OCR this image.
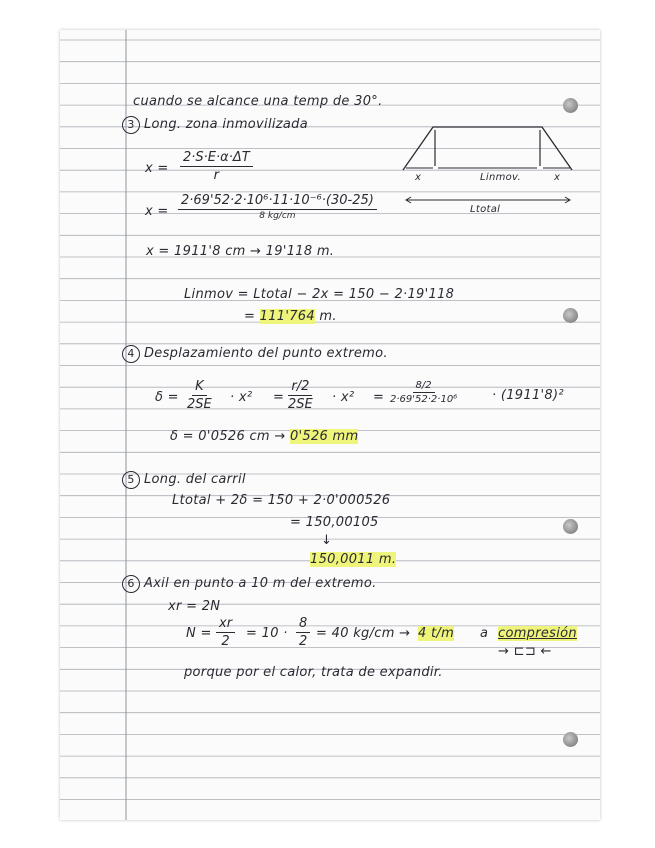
cuando se alcance una temp de 30°.
3 Long. zona inmovilizada
x	Linmov.	x
Ltotal
$x = \frac{2\cdot S\cdot E\cdot\alpha\cdot\Delta T}{r}$
x =
2·69'52·2·10⁶·11·10⁻⁶·(30-25)
8 kg/cm
x = 1911'8 cm → 19'118 m.
Linmov = Ltotal − 2x = 150 − 2·19'118
= 111'764 m.
4 Desplazamiento del punto extremo.
$\delta = \frac{K}{2SE} \cdot x^2 = \frac{r/2}{2SE} \cdot x^2 = \frac{8/2}{\text{2·69'52·2·10⁶}}$	· (1911'8)²
δ = 0'0526 cm → 0'526 mm
5 Long. del carril
Ltotal + 2δ = 150 + 2·0'000526
= 150,00105
↓
150,0011 m.
6 Axil en punto a 10 m del extremo.
xr = 2N
$N = \frac{xr}{2} = 10 \cdot \frac{8}{2} = 40$ kg/cm → 4 t/m a compresión
→ ⊏⊐ ←
porque por el calor, trata de expandir.
